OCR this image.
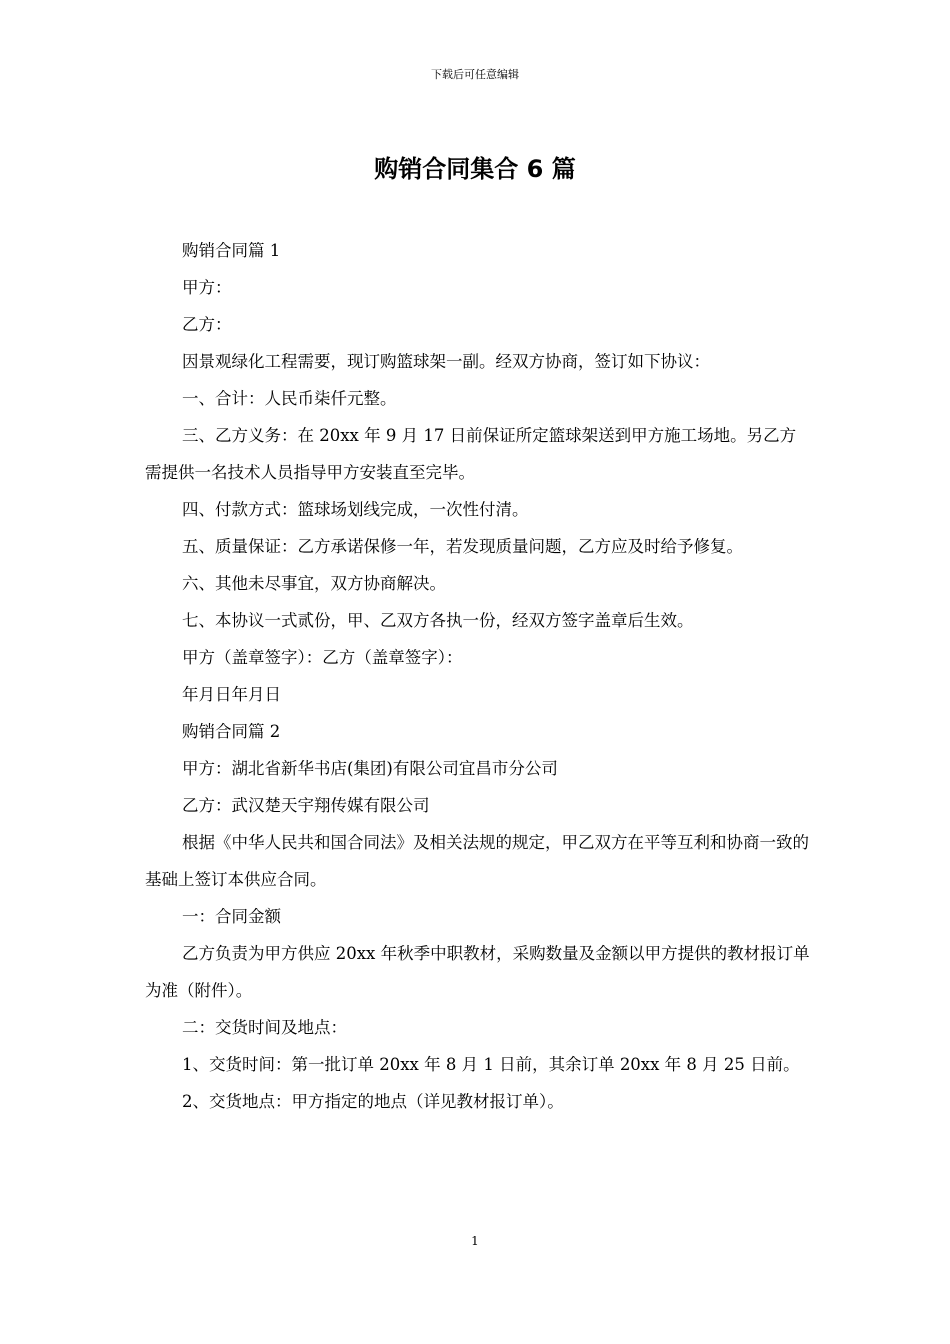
下载后可任意编辑
购销合同集合 6 篇

购销合同篇 1

甲方：

乙方：

因景观绿化工程需要，现订购篮球架一副。经双方协商，签订如下协议：

一、合计：人民币柒仟元整。

三、乙方义务：在 20xx 年 9 月 17 日前保证所定篮球架送到甲方施工场地。另乙方需提供一名技术人员指导甲方安装直至完毕。

四、付款方式：篮球场划线完成，一次性付清。

五、质量保证：乙方承诺保修一年，若发现质量问题，乙方应及时给予修复。

六、其他未尽事宜，双方协商解决。

七、本协议一式贰份，甲、乙双方各执一份，经双方签字盖章后生效。

甲方（盖章签字）：乙方（盖章签字）：

年月日年月日

购销合同篇 2

甲方：湖北省新华书店(集团)有限公司宜昌市分公司

乙方：武汉楚天宇翔传媒有限公司

根据《中华人民共和国合同法》及相关法规的规定，甲乙双方在平等互利和协商一致的基础上签订本供应合同。

一：合同金额

乙方负责为甲方供应 20xx 年秋季中职教材，采购数量及金额以甲方提供的教材报订单为准（附件）。

二：交货时间及地点：

1、交货时间：第一批订单 20xx 年 8 月 1 日前，其余订单 20xx 年 8 月 25 日前。

2、交货地点：甲方指定的地点（详见教材报订单）。

1
